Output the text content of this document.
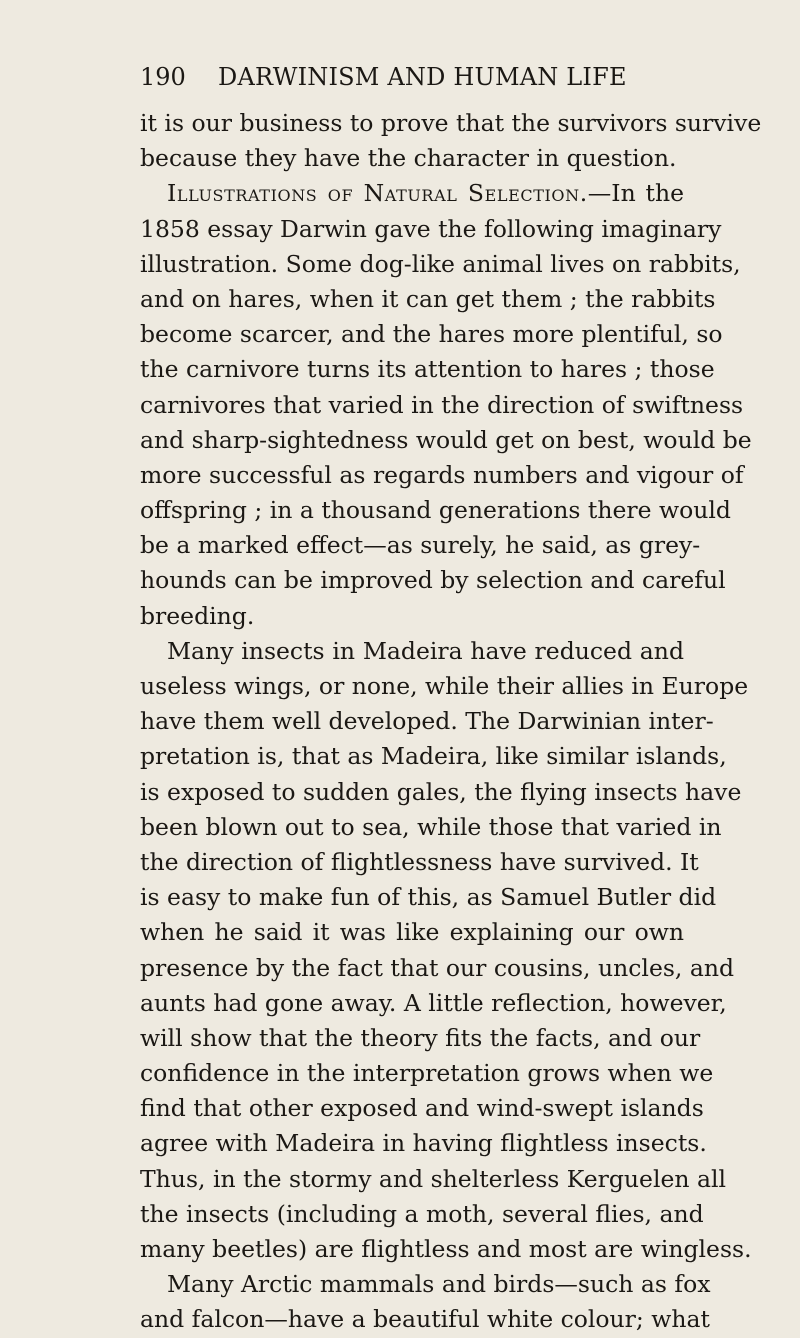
190 DARWINISM AND HUMAN LIFE
it is our business to prove that the survivors survive
because they have the character in question.
Illustrations of Natural Selection.—In the
1858 essay Darwin gave the following imaginary
illustration. Some dog-like animal lives on rabbits,
and on hares, when it can get them ; the rabbits
become scarcer, and the hares more plentiful, so
the carnivore turns its attention to hares ; those
carnivores that varied in the direction of swiftness
and sharp-sightedness would get on best, would be
more successful as regards numbers and vigour of
offspring ; in a thousand generations there would
be a marked effect—as surely, he said, as grey-
hounds can be improved by selection and careful
breeding.
Many insects in Madeira have reduced and
useless wings, or none, while their allies in Europe
have them well developed. The Darwinian inter-
pretation is, that as Madeira, like similar islands,
is exposed to sudden gales, the flying insects have
been blown out to sea, while those that varied in
the direction of flightlessness have survived. It
is easy to make fun of this, as Samuel Butler did
when he said it was like explaining our own
presence by the fact that our cousins, uncles, and
aunts had gone away. A little reflection, however,
will show that the theory fits the facts, and our
confidence in the interpretation grows when we
find that other exposed and wind-swept islands
agree with Madeira in having flightless insects.
Thus, in the stormy and shelterless Kerguelen all
the insects (including a moth, several flies, and
many beetles) are flightless and most are wingless.
Many Arctic mammals and birds—such as fox
and falcon—have a beautiful white colour; what
